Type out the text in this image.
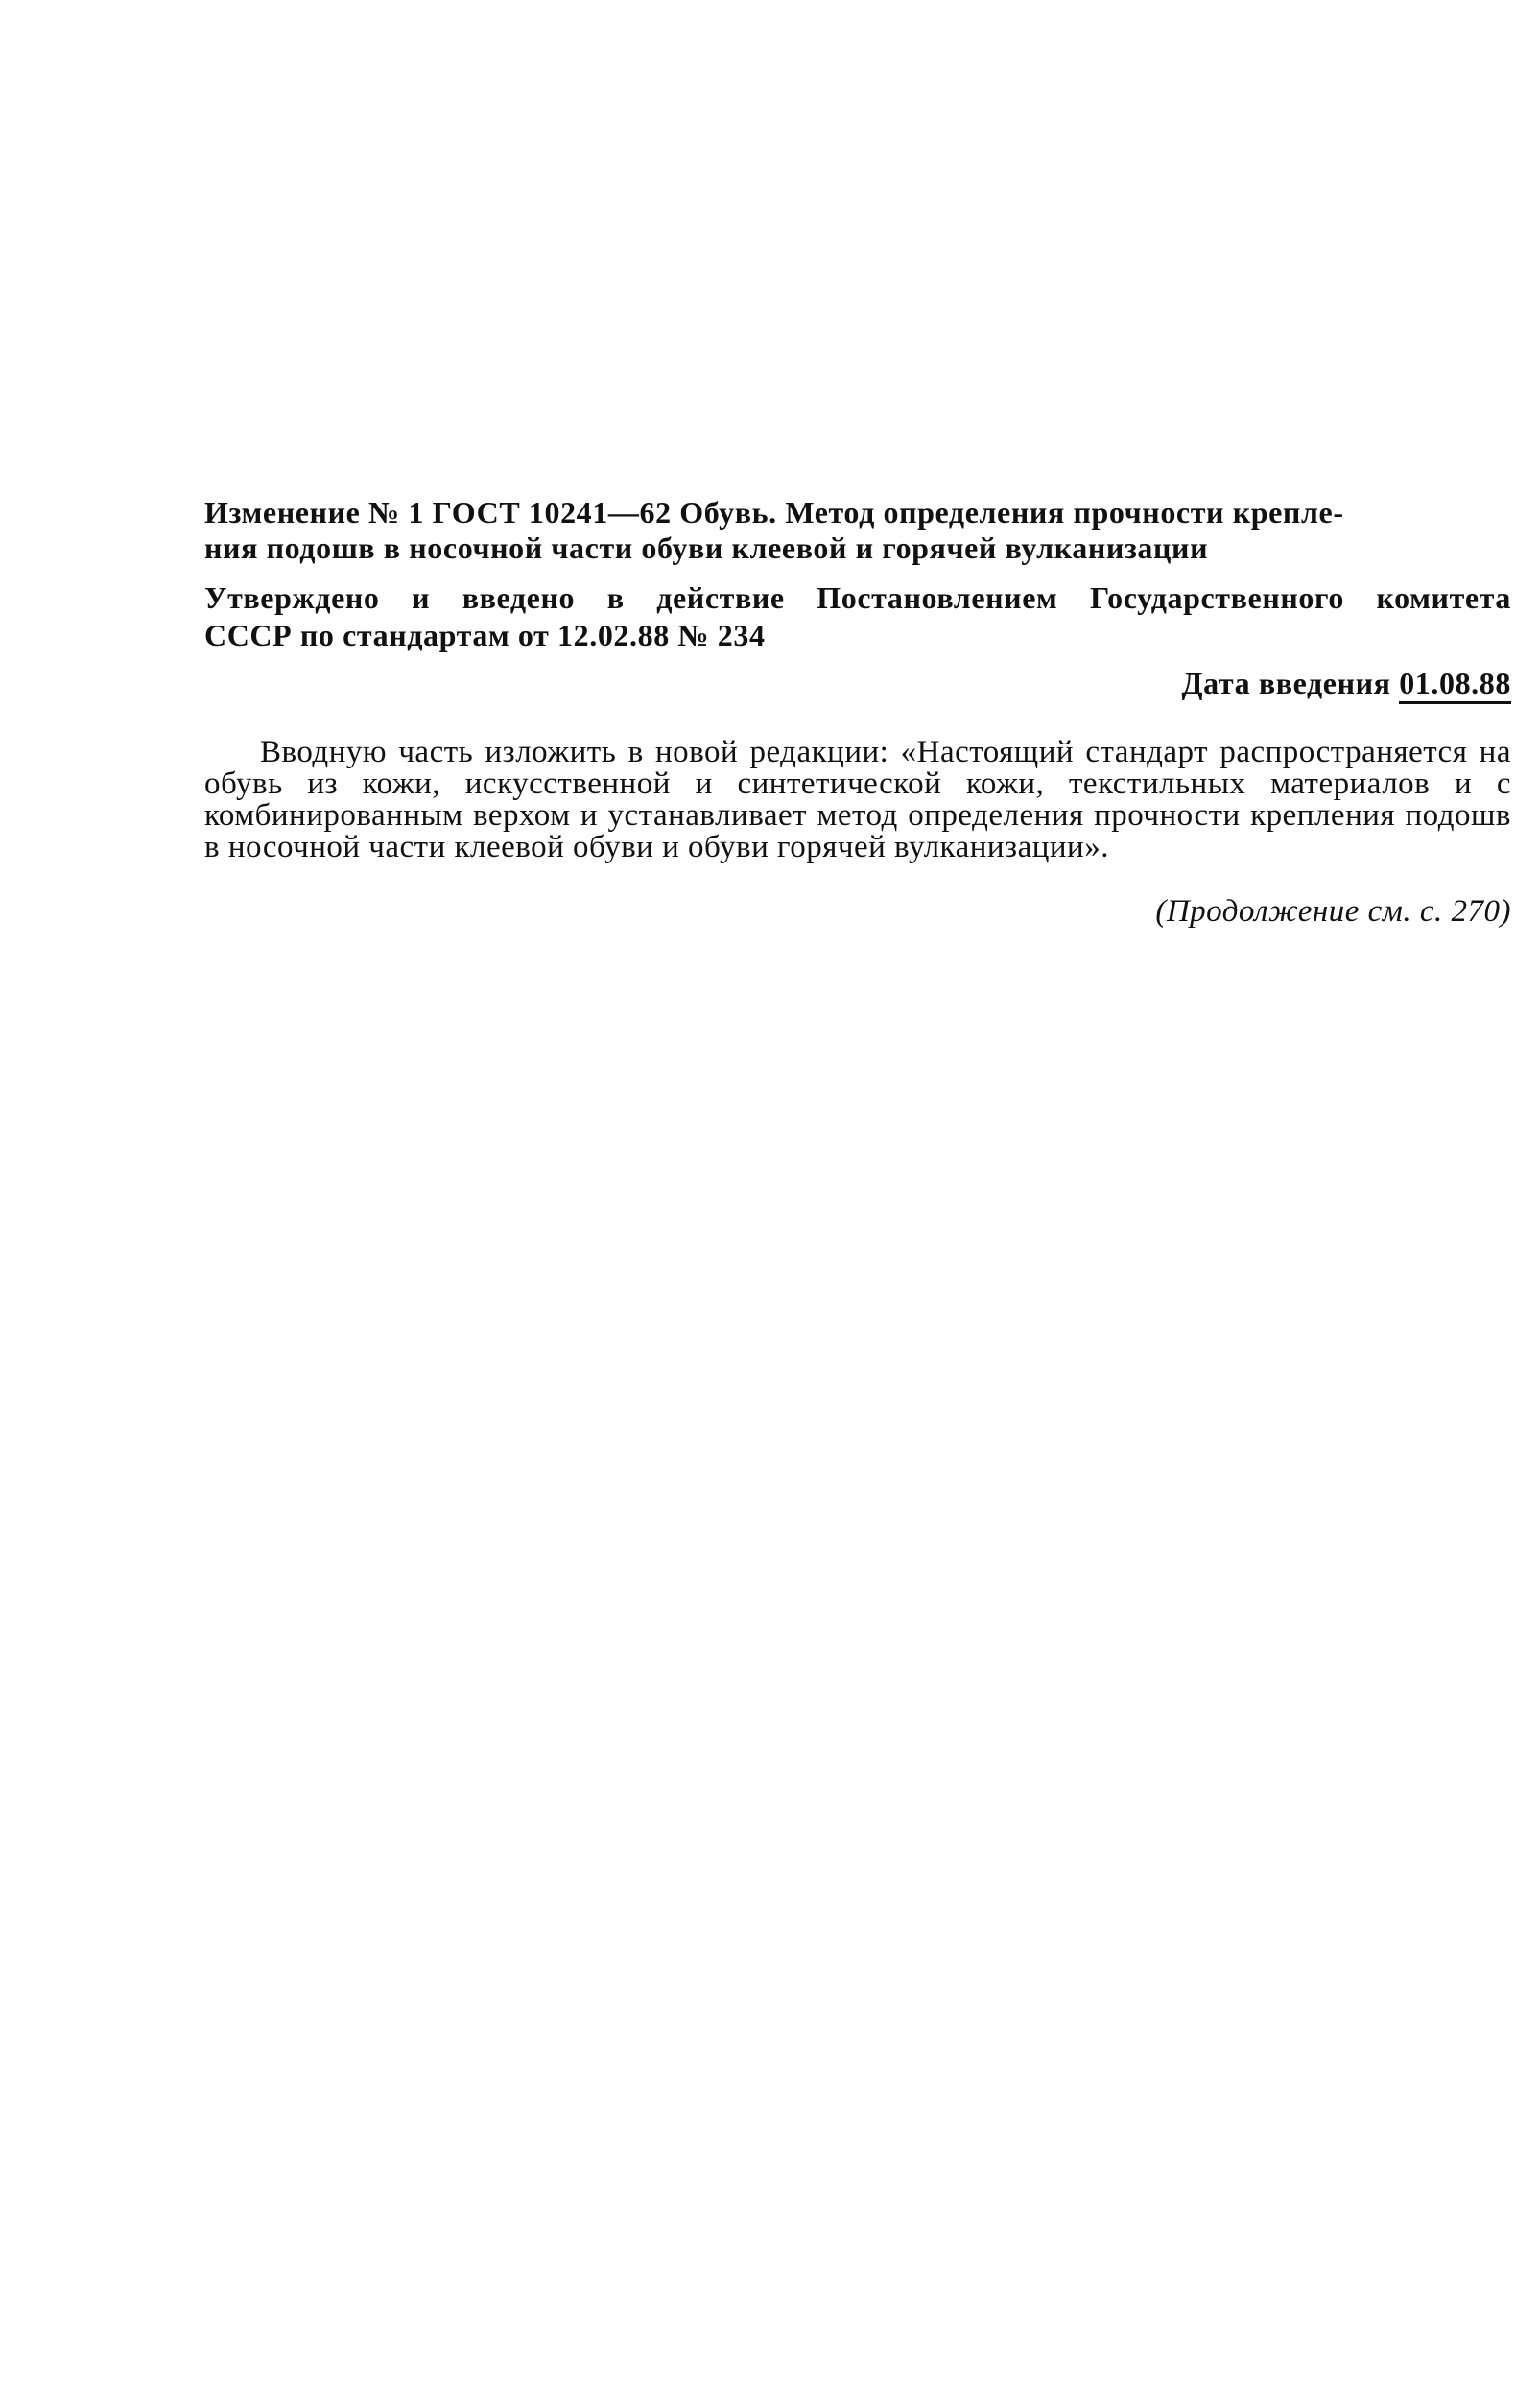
Изменение № 1 ГОСТ 10241—62 Обувь. Метод определения прочности крепле-
ния подошв в носочной части обуви клеевой и горячей вулканизации
Утверждено и введено в действие Постановлением Государственного комитета
СССР по стандартам от 12.02.88 № 234
Дата введения 01.08.88

Вводную часть изложить в новой редакции: «Настоящий стандарт распространяется на обувь из кожи, искусственной и синтетической кожи, текстильных материалов и с комбинированным верхом и устанавливает метод определения прочности крепления подошв в носочной части клеевой обуви и обуви горячей вулканизации».

(Продолжение см. с. 270)
